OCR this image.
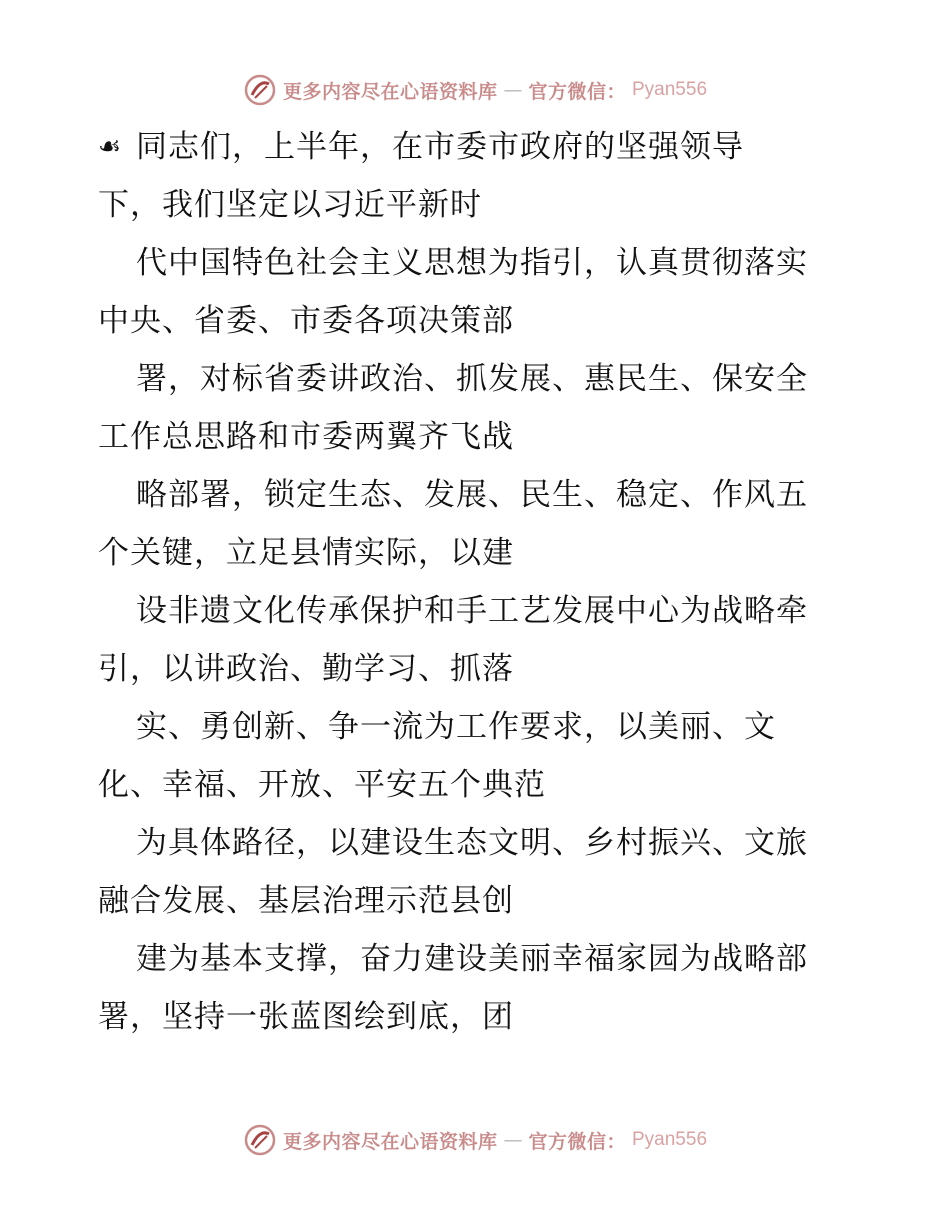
更多内容尽在心语资料库 — 官方微信： Pyan556
☙ 同志们，上半年，在市委市政府的坚强领导
下，我们坚定以习近平新时
代中国特色社会主义思想为指引，认真贯彻落实
中央、省委、市委各项决策部
署，对标省委讲政治、抓发展、惠民生、保安全
工作总思路和市委两翼齐飞战
略部署，锁定生态、发展、民生、稳定、作风五
个关键，立足县情实际，以建
设非遗文化传承保护和手工艺发展中心为战略牵
引，以讲政治、勤学习、抓落
实、勇创新、争一流为工作要求，以美丽、文
化、幸福、开放、平安五个典范
为具体路径，以建设生态文明、乡村振兴、文旅
融合发展、基层治理示范县创
建为基本支撑，奋力建设美丽幸福家园为战略部
署，坚持一张蓝图绘到底，团
更多内容尽在心语资料库 — 官方微信： Pyan556
